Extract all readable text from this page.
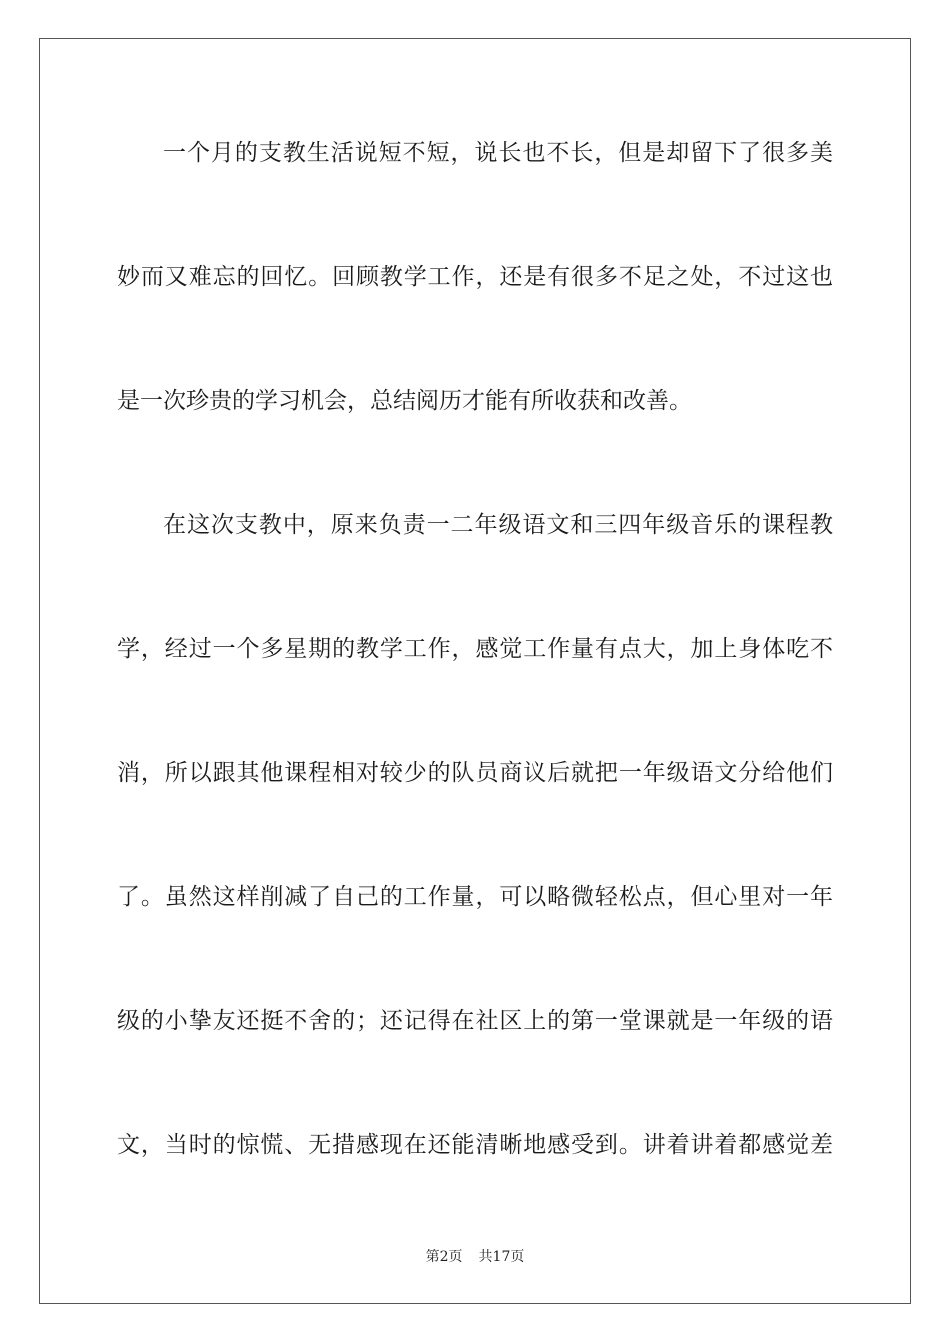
一个月的支教生活说短不短，说长也不长，但是却留下了很多美
妙而又难忘的回忆。回顾教学工作，还是有很多不足之处，不过这也
是一次珍贵的学习机会，总结阅历才能有所收获和改善。
在这次支教中，原来负责一二年级语文和三四年级音乐的课程教
学，经过一个多星期的教学工作，感觉工作量有点大，加上身体吃不
消，所以跟其他课程相对较少的队员商议后就把一年级语文分给他们
了。虽然这样削减了自己的工作量，可以略微轻松点，但心里对一年
级的小挚友还挺不舍的；还记得在社区上的第一堂课就是一年级的语
文，当时的惊慌、无措感现在还能清晰地感受到。讲着讲着都感觉差
第2页 共17页
